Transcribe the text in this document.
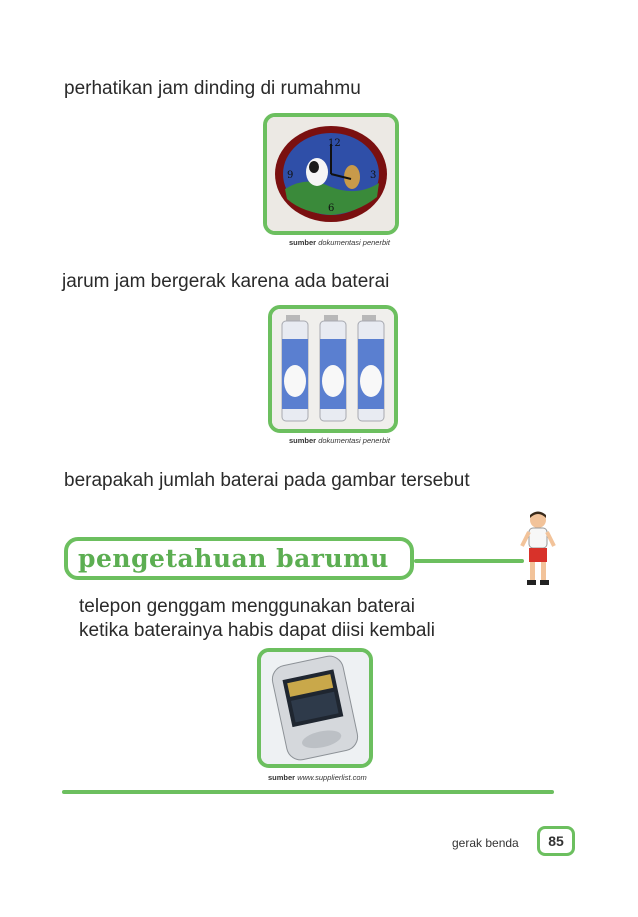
perhatikan jam dinding di rumahmu
12
3
6
9
sumber dokumentasi penerbit
jarum jam bergerak karena ada baterai
sumber dokumentasi penerbit
berapakah jumlah baterai pada gambar tersebut
pengetahuan barumu
telepon genggam menggunakan baterai
ketika baterainya habis dapat diisi kembali
sumber www.supplierlist.com
gerak benda 85
